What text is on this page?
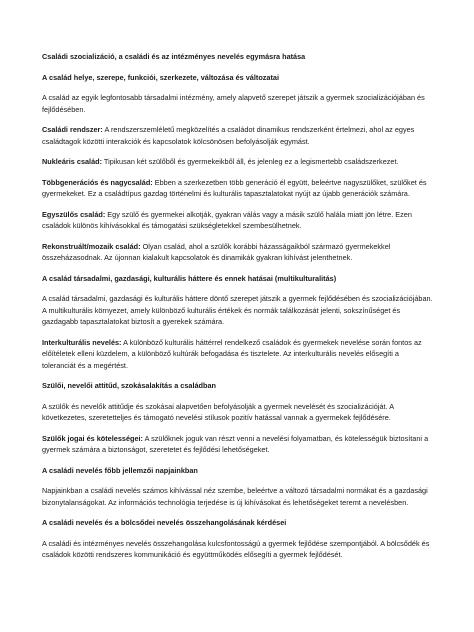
Családi szocializáció, a családi és az intézményes nevelés egymásra hatása
A család helye, szerepe, funkciói, szerkezete, változása és változatai
A család az egyik legfontosabb társadalmi intézmény, amely alapvető szerepet játszik a gyermek szocializációjában és fejlődésében.
Családi rendszer: A rendszerszemléletű megközelítés a családot dinamikus rendszerként értelmezi, ahol az egyes családtagok közötti interakciók és kapcsolatok kölcsönösen befolyásolják egymást.
Nukleáris család: Tipikusan két szülőből és gyermekeikből áll, és jelenleg ez a legismertebb családszerkezet.
Többgenerációs és nagycsalád: Ebben a szerkezetben több generáció él együtt, beleértve nagyszülőket, szülőket és gyermekeket. Ez a családtípus gazdag történelmi és kulturális tapasztalatokat nyújt az újabb generációk számára.
Egyszülős család: Egy szülő és gyermekei alkotják, gyakran válás vagy a másik szülő halála miatt jön létre. Ezen családok különös kihívásokkal és támogatási szükségletekkel szembesülhetnek.
Rekonstruált/mozaik család: Olyan család, ahol a szülők korábbi házasságaikból származó gyermekekkel összeházasodnak. Az újonnan kialakult kapcsolatok és dinamikák gyakran kihívást jelenthetnek.
A család társadalmi, gazdasági, kulturális háttere és ennek hatásai (multikulturalitás)
A család társadalmi, gazdasági és kulturális háttere döntő szerepet játszik a gyermek fejlődésében és szocializációjában. A multikulturális környezet, amely különböző kulturális értékek és normák találkozását jelenti, sokszínűséget és gazdagabb tapasztalatokat biztosít a gyerekek számára.
Interkulturális nevelés: A különböző kulturális háttérrel rendelkező családok és gyermekek nevelése során fontos az előítéletek elleni küzdelem, a különböző kultúrák befogadása és tisztelete. Az interkulturális nevelés elősegíti a toleranciát és a megértést.
Szülői, nevelői attitűd, szokásalakítás a családban
A szülők és nevelők attitűdje és szokásai alapvetően befolyásolják a gyermek nevelését és szocializációját. A következetes, szeretetteljes és támogató nevelési stílusok pozitív hatással vannak a gyermekek fejlődésére.
Szülők jogai és kötelességei: A szülőknek joguk van részt venni a nevelési folyamatban, és kötelességük biztosítani a gyermek számára a biztonságot, szeretetet és fejlődési lehetőségeket.
A családi nevelés főbb jellemzői napjainkban
Napjainkban a családi nevelés számos kihívással néz szembe, beleértve a változó társadalmi normákat és a gazdasági bizonytalanságokat. Az információs technológia terjedése is új kihívásokat és lehetőségeket teremt a nevelésben.
A családi nevelés és a bölcsődei nevelés összehangolásának kérdései
A családi és intézményes nevelés összehangolása kulcsfontosságú a gyermek fejlődése szempontjából. A bölcsődék és családok közötti rendszeres kommunikáció és együttműködés elősegíti a gyermek fejlődését.
